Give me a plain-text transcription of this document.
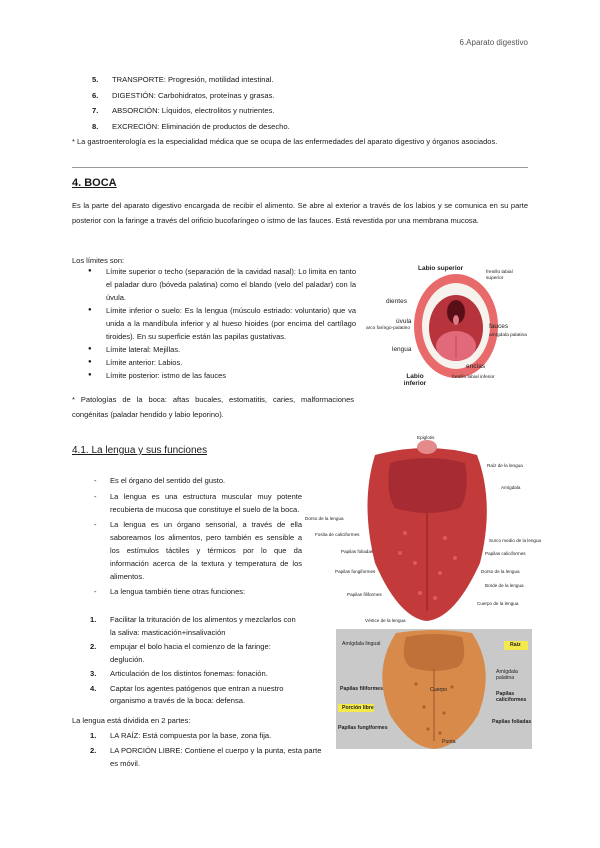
6.Aparato digestivo
5.	TRANSPORTE: Progresión, motilidad intestinal.
6.	DIGESTIÓN: Carbohidratos, proteínas y grasas.
7.	ABSORCIÓN: Líquidos, electrolitos y nutrientes.
8.	EXCRECIÓN: Eliminación de productos de desecho.

* La gastroenterología es la especialidad médica que se ocupa de las enfermedades del aparato digestivo y órganos asociados.

4. BOCA

Es la parte del aparato digestivo encargada de recibir el alimento. Se abre al exterior a través de los labios y se comunica en su parte posterior con la faringe a través del orificio bucofaríngeo o istmo de las fauces. Está revestida por una membrana mucosa.

Los límites son:
● Límite superior o techo (separación de la cavidad nasal): Lo limita en tanto el paladar duro (bóveda palatina) como el blando (velo del paladar) con la úvula.
● Límite inferior o suelo: Es la lengua (músculo estriado: voluntario) que va unida a la mandíbula inferior y al hueso hioides (por encima del cartílago tiroides). En su superficie están las papilas gustativas.
● Límite lateral: Mejillas.
● Límite anterior: Labios.
● Límite posterior: istmo de las fauces
Labio superior
frenillo labial superior
dientes
úvula
arco faríngo-palatino	fauces
amígdala palatina
lengua
encías
Labio inferior
frenillo labial inferior

* Patologías de la boca: aftas bucales, estomatitis, caries, malformaciones congénitas (paladar hendido y labio leporino).

4.1. La lengua y sus funciones
- Es el órgano del sentido del gusto.
- La lengua es una estructura muscular muy potente recubierta de mucosa que constituye el suelo de la boca.
- La lengua es un órgano sensorial, a través de ella saboreamos los alimentos, pero también es sensible a los estímulos táctiles y térmicos por lo que da información acerca de la textura y temperatura de los alimentos.
- La lengua también tiene otras funciones:
1.	Facilitar la trituración de los alimentos y mezclarlos con la saliva: masticación+insalivación
2.	empujar el bolo hacia el comienzo de la faringe: deglución.
3.	Articulación de los distintos fonemas: fonación.
4.	Captar los agentes patógenos que entran a nuestro organismo a través de la boca: defensa.
La lengua está dividida en 2 partes:
1.	LA RAÍZ: Está compuesta por la base, zona fija.
2.	LA PORCIÓN LIBRE: Contiene el cuerpo y la punta, esta parte es móvil.
Epiglotis
Raíz de la lengua
Amígdala
Dorso de la lengua
Fosita de caliciformes
Surco medio de la lengua
Papilas foliadas	Papilas caliciformes
Papilas fungiformes	Dorso de la lengua
Borde de la lengua
Papilas filiformes
Cuerpo de la lengua
Vértice de la lengua
Amígdala lingual	Raíz
Amígdala palatina
Papilas filiformes
Papilas caliciformes
Porción libre
Cuerpo
Papilas fungiformes
Papilas foliadas
Punta
